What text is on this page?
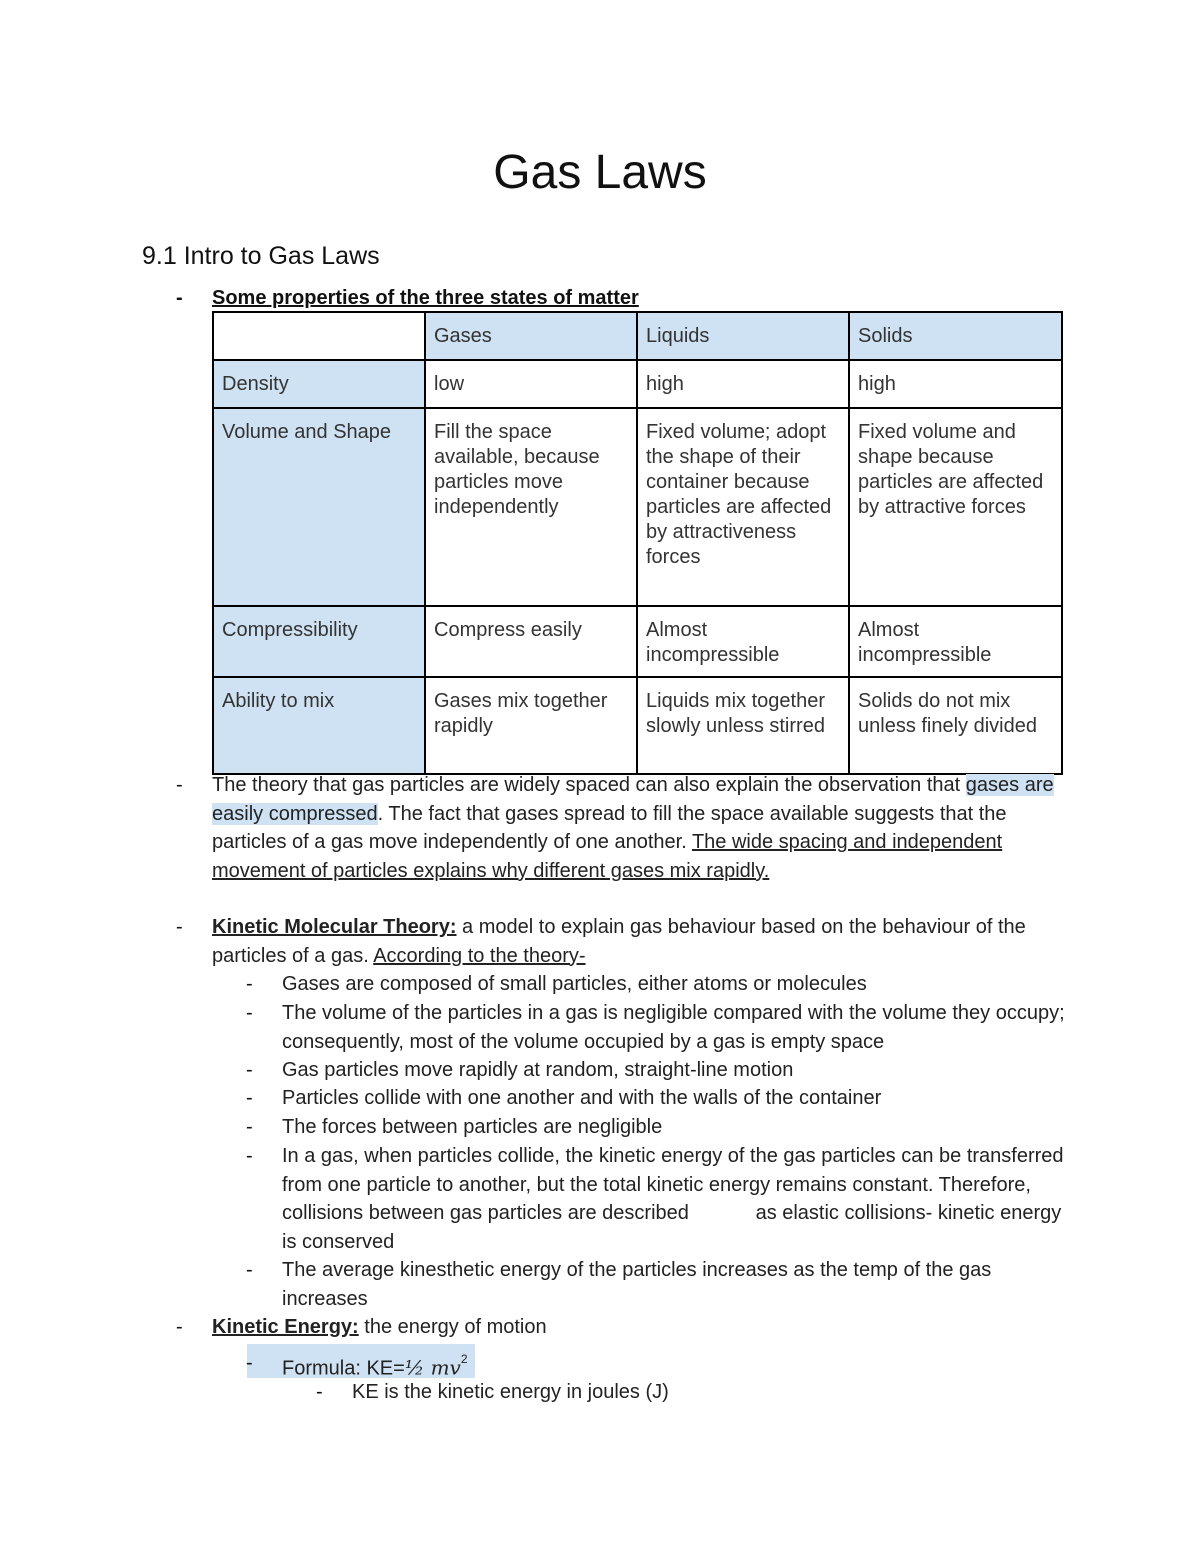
Gas Laws
9.1 Intro to Gas Laws
- Some properties of the three states of matter
	Gases	Liquids	Solids
Density	low	high	high
Volume and Shape	Fill the space available, because particles move independently	Fixed volume; adopt the shape of their container because particles are affected by attractiveness forces	Fixed volume and shape because particles are affected by attractive forces
Compressibility	Compress easily	Almost incompressible	Almost incompressible
Ability to mix	Gases mix together rapidly	Liquids mix together slowly unless stirred	Solids do not mix unless finely divided
- The theory that gas particles are widely spaced can also explain the observation that gases are easily compressed. The fact that gases spread to fill the space available suggests that the particles of a gas move independently of one another. The wide spacing and independent movement of particles explains why different gases mix rapidly.

- Kinetic Molecular Theory: a model to explain gas behaviour based on the behaviour of the particles of a gas. According to the theory-

- Gases are composed of small particles, either atoms or molecules
- The volume of the particles in a gas is negligible compared with the volume they occupy; consequently, most of the volume occupied by a gas is empty space
- Gas particles move rapidly at random, straight-line motion
- Particles collide with one another and with the walls of the container
- The forces between particles are negligible
- In a gas, when particles collide, the kinetic energy of the gas particles can be transferred from one particle to another, but the total kinetic energy remains constant. Therefore, collisions between gas particles are described            as elastic collisions- kinetic energy is conserved
- The average kinesthetic energy of the particles increases as the temp of the gas increases
- Kinetic Energy: the energy of motion

- Formula: KE=½ $mv^2$
- KE is the kinetic energy in joules (J)
